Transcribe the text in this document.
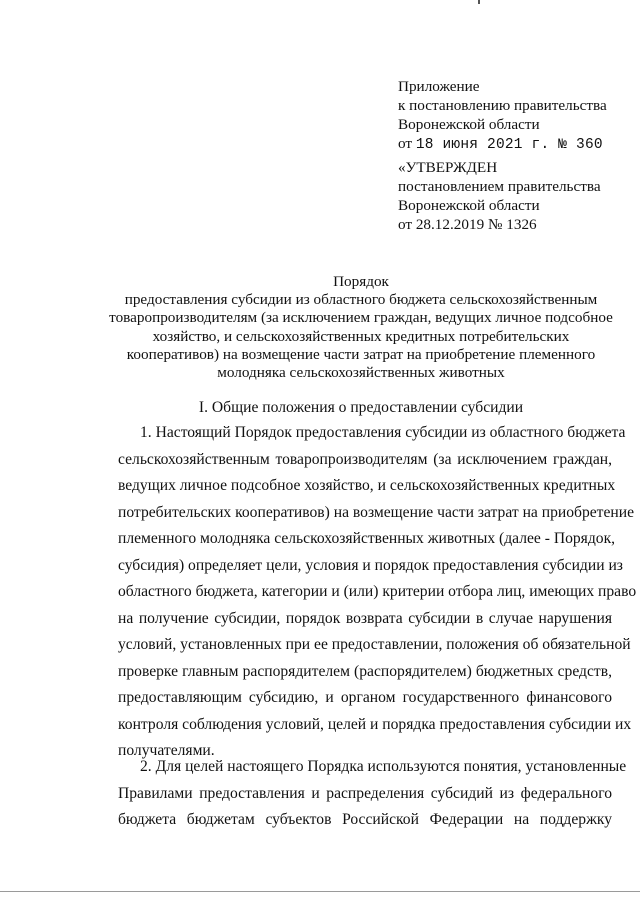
Приложение
к постановлению правительства
Воронежской области
от 18 июня 2021 г. № 360
«УТВЕРЖДЕН
постановлением правительства
Воронежской области
от 28.12.2019 № 1326
Порядок
предоставления субсидии из областного бюджета сельскохозяйственным
товаропроизводителям (за исключением граждан, ведущих личное подсобное
хозяйство, и сельскохозяйственных кредитных потребительских
кооперативов) на возмещение части затрат на приобретение племенного
молодняка сельскохозяйственных животных
I. Общие положения о предоставлении субсидии
1. Настоящий Порядок предоставления субсидии из областного бюджета
сельскохозяйственным товаропроизводителям (за исключением граждан,
ведущих личное подсобное хозяйство, и сельскохозяйственных кредитных
потребительских кооперативов) на возмещение части затрат на приобретение
племенного молодняка сельскохозяйственных животных (далее - Порядок,
субсидия) определяет цели, условия и порядок предоставления субсидии из
областного бюджета, категории и (или) критерии отбора лиц, имеющих право
на получение субсидии, порядок возврата субсидии в случае нарушения
условий, установленных при ее предоставлении, положения об обязательной
проверке главным распорядителем (распорядителем) бюджетных средств,
предоставляющим субсидию, и органом государственного финансового
контроля соблюдения условий, целей и порядка предоставления субсидии их
получателями.
2. Для целей настоящего Порядка используются понятия, установленные
Правилами предоставления и распределения субсидий из федерального
бюджета бюджетам субъектов Российской Федерации на поддержку
